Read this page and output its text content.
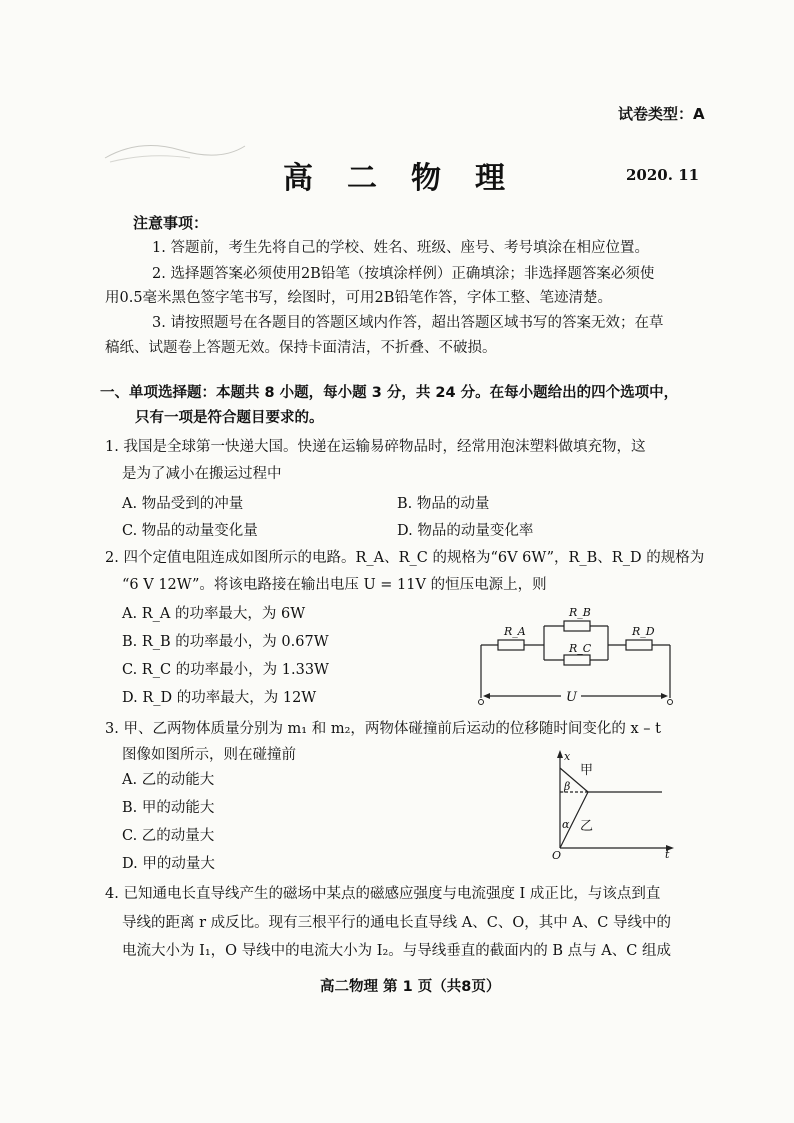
试卷类型：A
高二物理	2020. 11
注意事项：
1. 答题前，考生先将自己的学校、姓名、班级、座号、考号填涂在相应位置。
2. 选择题答案必须使用2B铅笔（按填涂样例）正确填涂；非选择题答案必须使
用0.5毫米黑色签字笔书写，绘图时，可用2B铅笔作答，字体工整、笔迹清楚。
3. 请按照题号在各题目的答题区域内作答，超出答题区域书写的答案无效；在草
稿纸、试题卷上答题无效。保持卡面清洁，不折叠、不破损。
一、单项选择题：本题共 8 小题，每小题 3 分，共 24 分。在每小题给出的四个选项中，
只有一项是符合题目要求的。
1. 我国是全球第一快递大国。快递在运输易碎物品时，经常用泡沫塑料做填充物，这
是为了减小在搬运过程中
A. 物品受到的冲量	B. 物品的动量
C. 物品的动量变化量	D. 物品的动量变化率
2. 四个定值电阻连成如图所示的电路。R_A、R_C 的规格为“6V 6W”，R_B、R_D 的规格为
“6 V 12W”。将该电路接在输出电压 U = 11V 的恒压电源上，则
A. R_A 的功率最大，为 6W
B. R_B 的功率最小，为 0.67W
C. R_C 的功率最小，为 1.33W
D. R_D 的功率最大，为 12W
R_A
R_B
R_C
R_D
U
3. 甲、乙两物体质量分别为 m₁ 和 m₂，两物体碰撞前后运动的位移随时间变化的 x – t
图像如图所示，则在碰撞前
A. 乙的动能大
B. 甲的动能大
C. 乙的动量大
D. 甲的动量大
x
t
O
甲
乙
β
α
4. 已知通电长直导线产生的磁场中某点的磁感应强度与电流强度 I 成正比，与该点到直
导线的距离 r 成反比。现有三根平行的通电长直导线 A、C、O，其中 A、C 导线中的
电流大小为 I₁，O 导线中的电流大小为 I₂。与导线垂直的截面内的 B 点与 A、C 组成
高二物理 第 1 页（共8页）
